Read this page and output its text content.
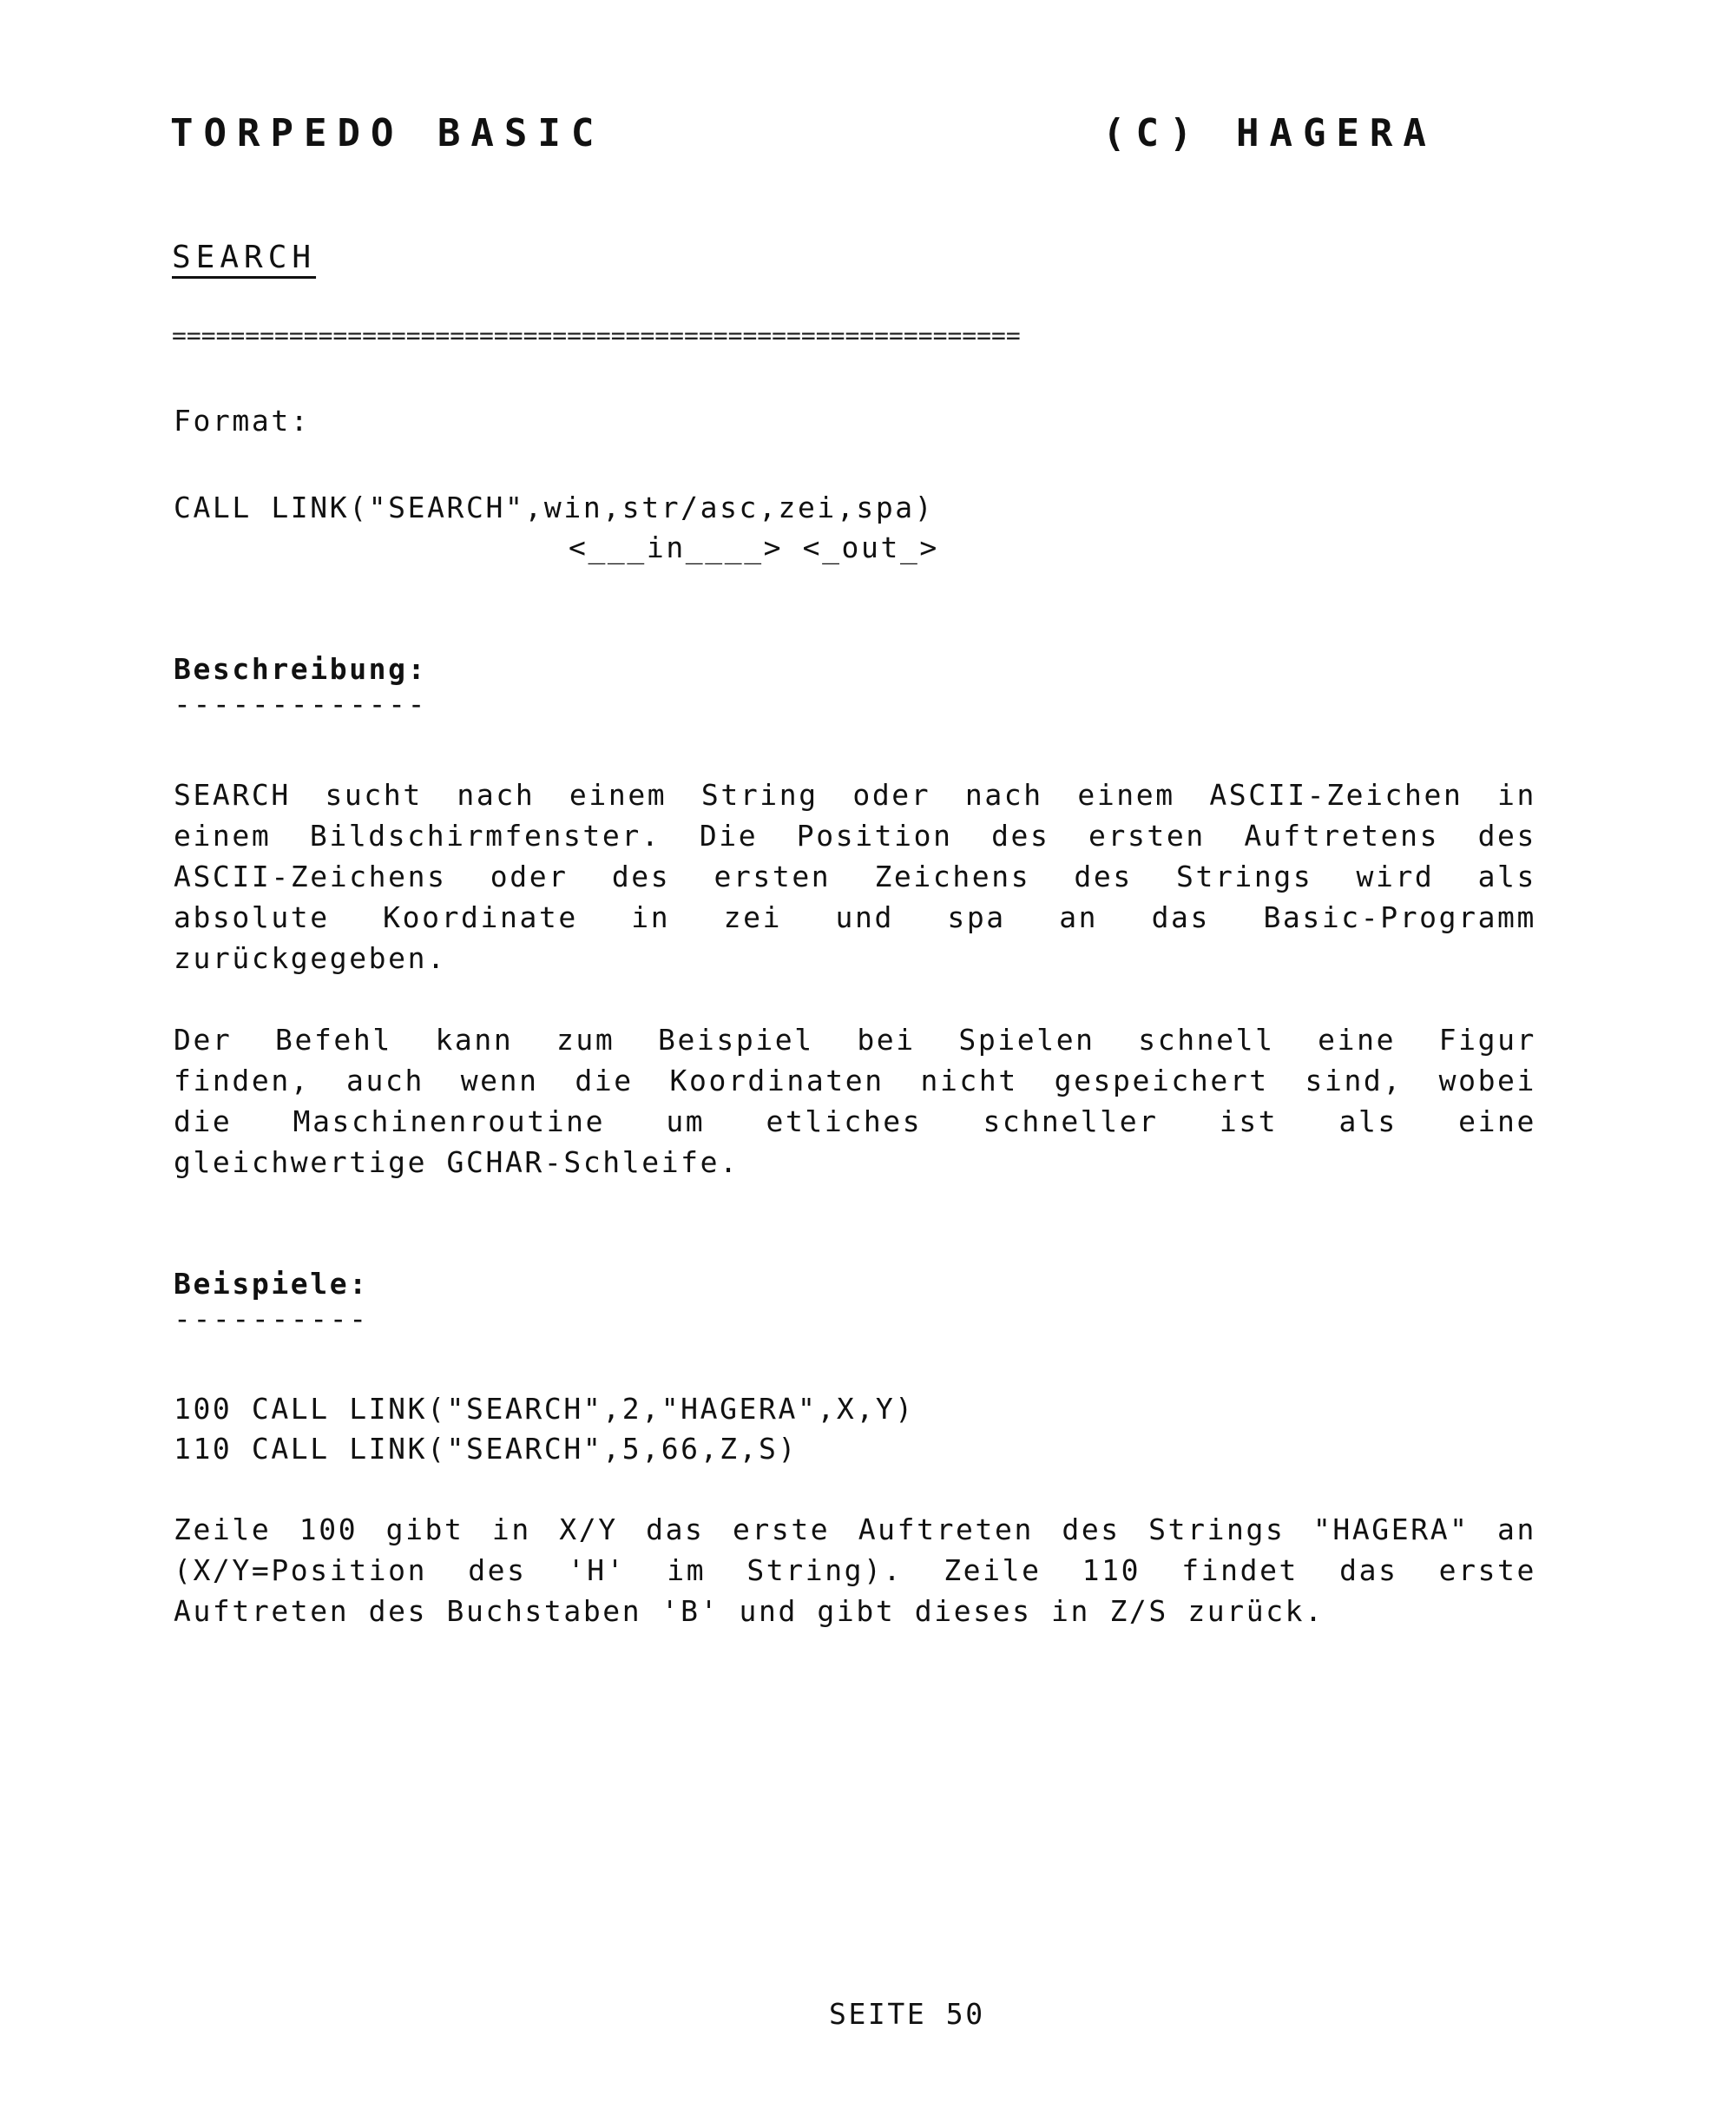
TORPEDO BASIC	(C) HAGERA
SEARCH
==========================================================
Format:
CALL LINK("SEARCH",win,str/asc,zei,spa)
<___in____> <_out_>
Beschreibung:
-------------
SEARCH sucht nach einem String oder nach einem ASCII-Zeichen in
einem Bildschirmfenster. Die Position des ersten Auftretens des
ASCII-Zeichens oder des ersten Zeichens des Strings wird als
absolute Koordinate in zei und spa an das Basic-Programm
zurückgegeben.
Der Befehl kann zum Beispiel bei Spielen schnell eine Figur
finden, auch wenn die Koordinaten nicht gespeichert sind, wobei
die Maschinenroutine um etliches schneller ist als eine
gleichwertige GCHAR-Schleife.
Beispiele:
----------
100 CALL LINK("SEARCH",2,"HAGERA",X,Y)
110 CALL LINK("SEARCH",5,66,Z,S)
Zeile 100 gibt in X/Y das erste Auftreten des Strings "HAGERA" an
(X/Y=Position des 'H' im String). Zeile 110 findet das erste
Auftreten des Buchstaben 'B' und gibt dieses in Z/S zurück.
SEITE 50
